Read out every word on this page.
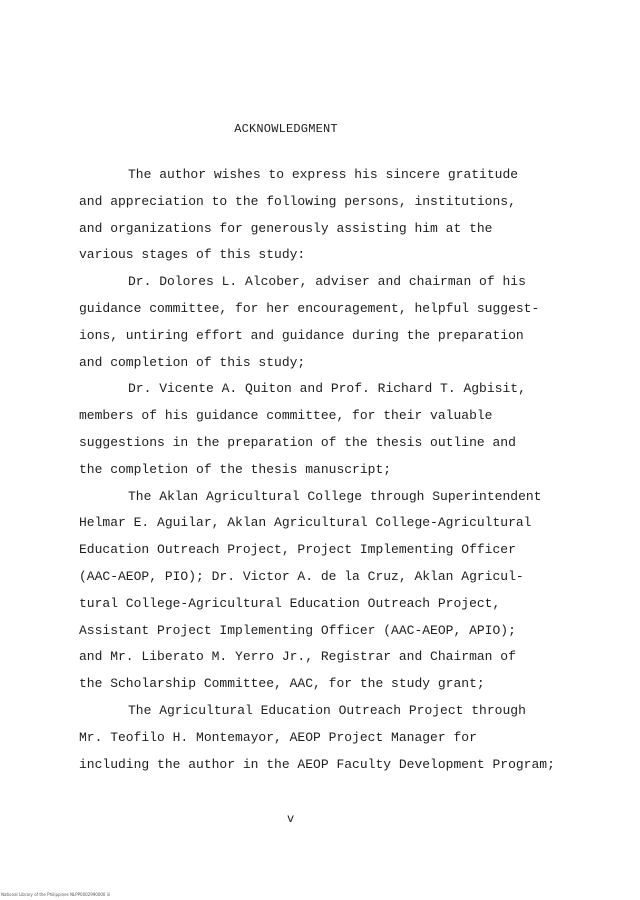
ACKNOWLEDGMENT
The author wishes to express his sincere gratitude
and appreciation to the following persons, institutions,
and organizations for generously assisting him at the
various stages of this study:
Dr. Dolores L. Alcober, adviser and chairman of his
guidance committee, for her encouragement, helpful suggest-
ions, untiring effort and guidance during the preparation
and completion of this study;
Dr. Vicente A. Quiton and Prof. Richard T. Agbisit,
members of his guidance committee, for their valuable
suggestions in the preparation of the thesis outline and
the completion of the thesis manuscript;
The Aklan Agricultural College through Superintendent
Helmar E. Aguilar, Aklan Agricultural College-Agricultural
Education Outreach Project, Project Implementing Officer
(AAC-AEOP, PIO); Dr. Victor A. de la Cruz, Aklan Agricul-
tural College-Agricultural Education Outreach Project,
Assistant Project Implementing Officer (AAC-AEOP, APIO);
and Mr. Liberato M. Yerro Jr., Registrar and Chairman of
the Scholarship Committee, AAC, for the study grant;
The Agricultural Education Outreach Project through
Mr. Teofilo H. Montemayor, AEOP Project Manager for
including the author in the AEOP Faculty Development Program;
v
National Library of the Philippines NLPP0002990000 iii
